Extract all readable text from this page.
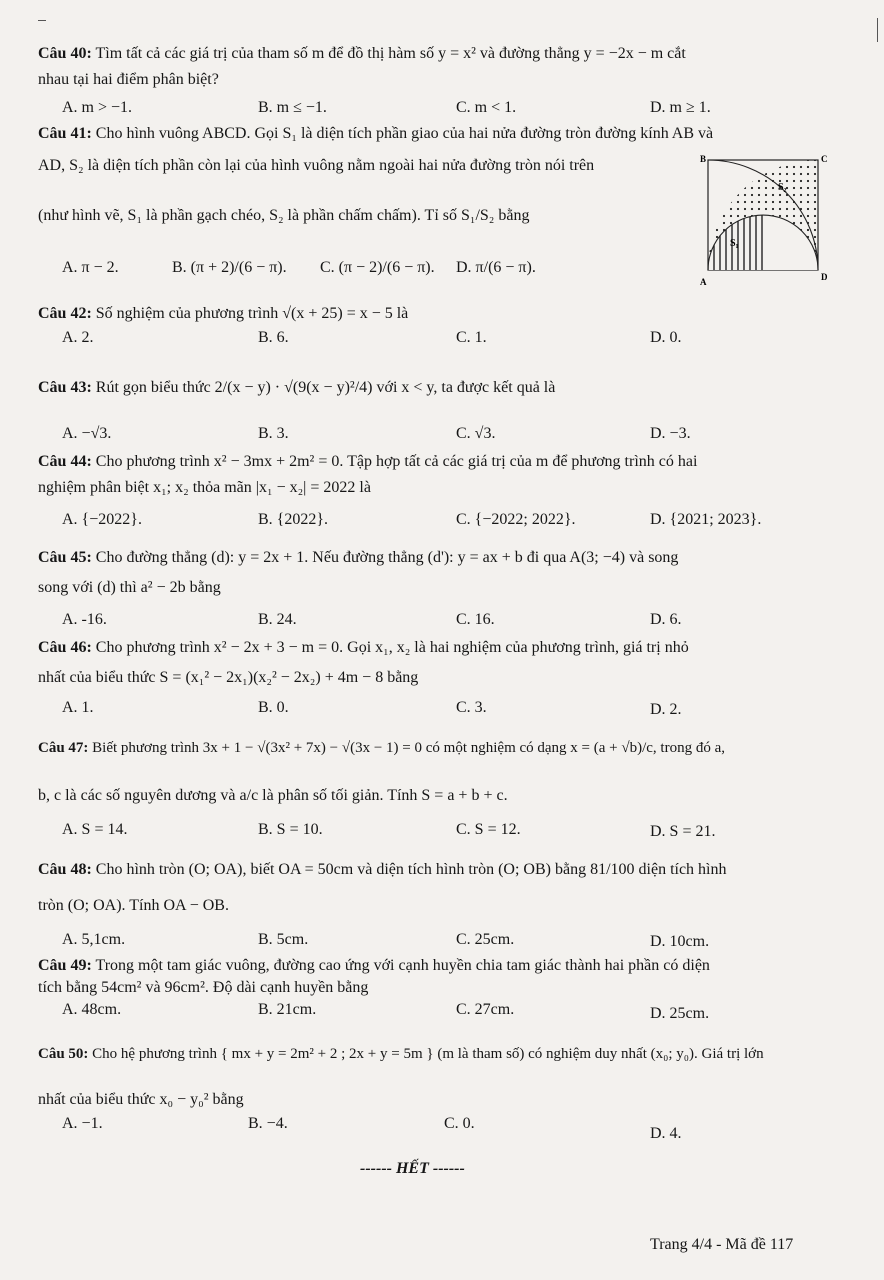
Câu 40: Tìm tất cả các giá trị của tham số m để đồ thị hàm số y = x² và đường thẳng y = −2x − m cắt
nhau tại hai điểm phân biệt?
A. m > −1.	B. m ≤ −1.	C. m < 1.	D. m ≥ 1.
Câu 41: Cho hình vuông ABCD. Gọi S₁ là diện tích phần giao của hai nửa đường tròn đường kính AB và
AD, S₂ là diện tích phần còn lại của hình vuông nằm ngoài hai nửa đường tròn nói trên
(như hình vẽ, S₁ là phần gạch chéo, S₂ là phần chấm chấm). Tỉ số S₁/S₂ bằng
A. π − 2.	B. (π + 2)/(6 − π). C. (π − 2)/(6 − π). D. π/(6 − π).
B	C
A	D
S₁
S₂
Câu 42: Số nghiệm của phương trình √(x + 25) = x − 5 là
A. 2.	B. 6.	C. 1.	D. 0.
Câu 43: Rút gọn biểu thức 2/(x − y) · √(9(x − y)²/4) với x < y, ta được kết quả là
A. −√3.	B. 3.	C. √3.	D. −3.
Câu 44: Cho phương trình x² − 3mx + 2m² = 0. Tập hợp tất cả các giá trị của m để phương trình có hai
nghiệm phân biệt x₁; x₂ thỏa mãn |x₁ − x₂| = 2022 là
A. {−2022}.	B. {2022}.	C. {−2022; 2022}.	D. {2021; 2023}.
Câu 45: Cho đường thẳng (d): y = 2x + 1. Nếu đường thẳng (d'): y = ax + b đi qua A(3; −4) và song
song với (d) thì a² − 2b bằng
A. -16.	B. 24.	C. 16.	D. 6.
Câu 46: Cho phương trình x² − 2x + 3 − m = 0. Gọi x₁, x₂ là hai nghiệm của phương trình, giá trị nhỏ
nhất của biểu thức S = (x₁² − 2x₁)(x₂² − 2x₂) + 4m − 8 bằng
A. 1.	B. 0.	C. 3.	D. 2.
Câu 47: Biết phương trình 3x + 1 − √(3x² + 7x) − √(3x − 1) = 0 có một nghiệm có dạng x = (a + √b)/c, trong đó a,
b, c là các số nguyên dương và a/c là phân số tối giản. Tính S = a + b + c.
A. S = 14.	B. S = 10.	C. S = 12.	D. S = 21.
Câu 48: Cho hình tròn (O; OA), biết OA = 50cm và diện tích hình tròn (O; OB) bằng 81/100 diện tích hình
tròn (O; OA). Tính OA − OB.
A. 5,1cm.	B. 5cm.	C. 25cm.	D. 10cm.
Câu 49: Trong một tam giác vuông, đường cao ứng với cạnh huyền chia tam giác thành hai phần có diện
tích bằng 54cm² và 96cm². Độ dài cạnh huyền bằng
A. 48cm.	B. 21cm.	C. 27cm.	D. 25cm.
Câu 50: Cho hệ phương trình { mx + y = 2m² + 2 ; 2x + y = 5m } (m là tham số) có nghiệm duy nhất (x₀; y₀). Giá trị lớn
nhất của biểu thức x₀ − y₀² bằng
A. −1.	B. −4.	C. 0.
D. 4.
------ HẾT ------
Trang 4/4 - Mã đề 117
